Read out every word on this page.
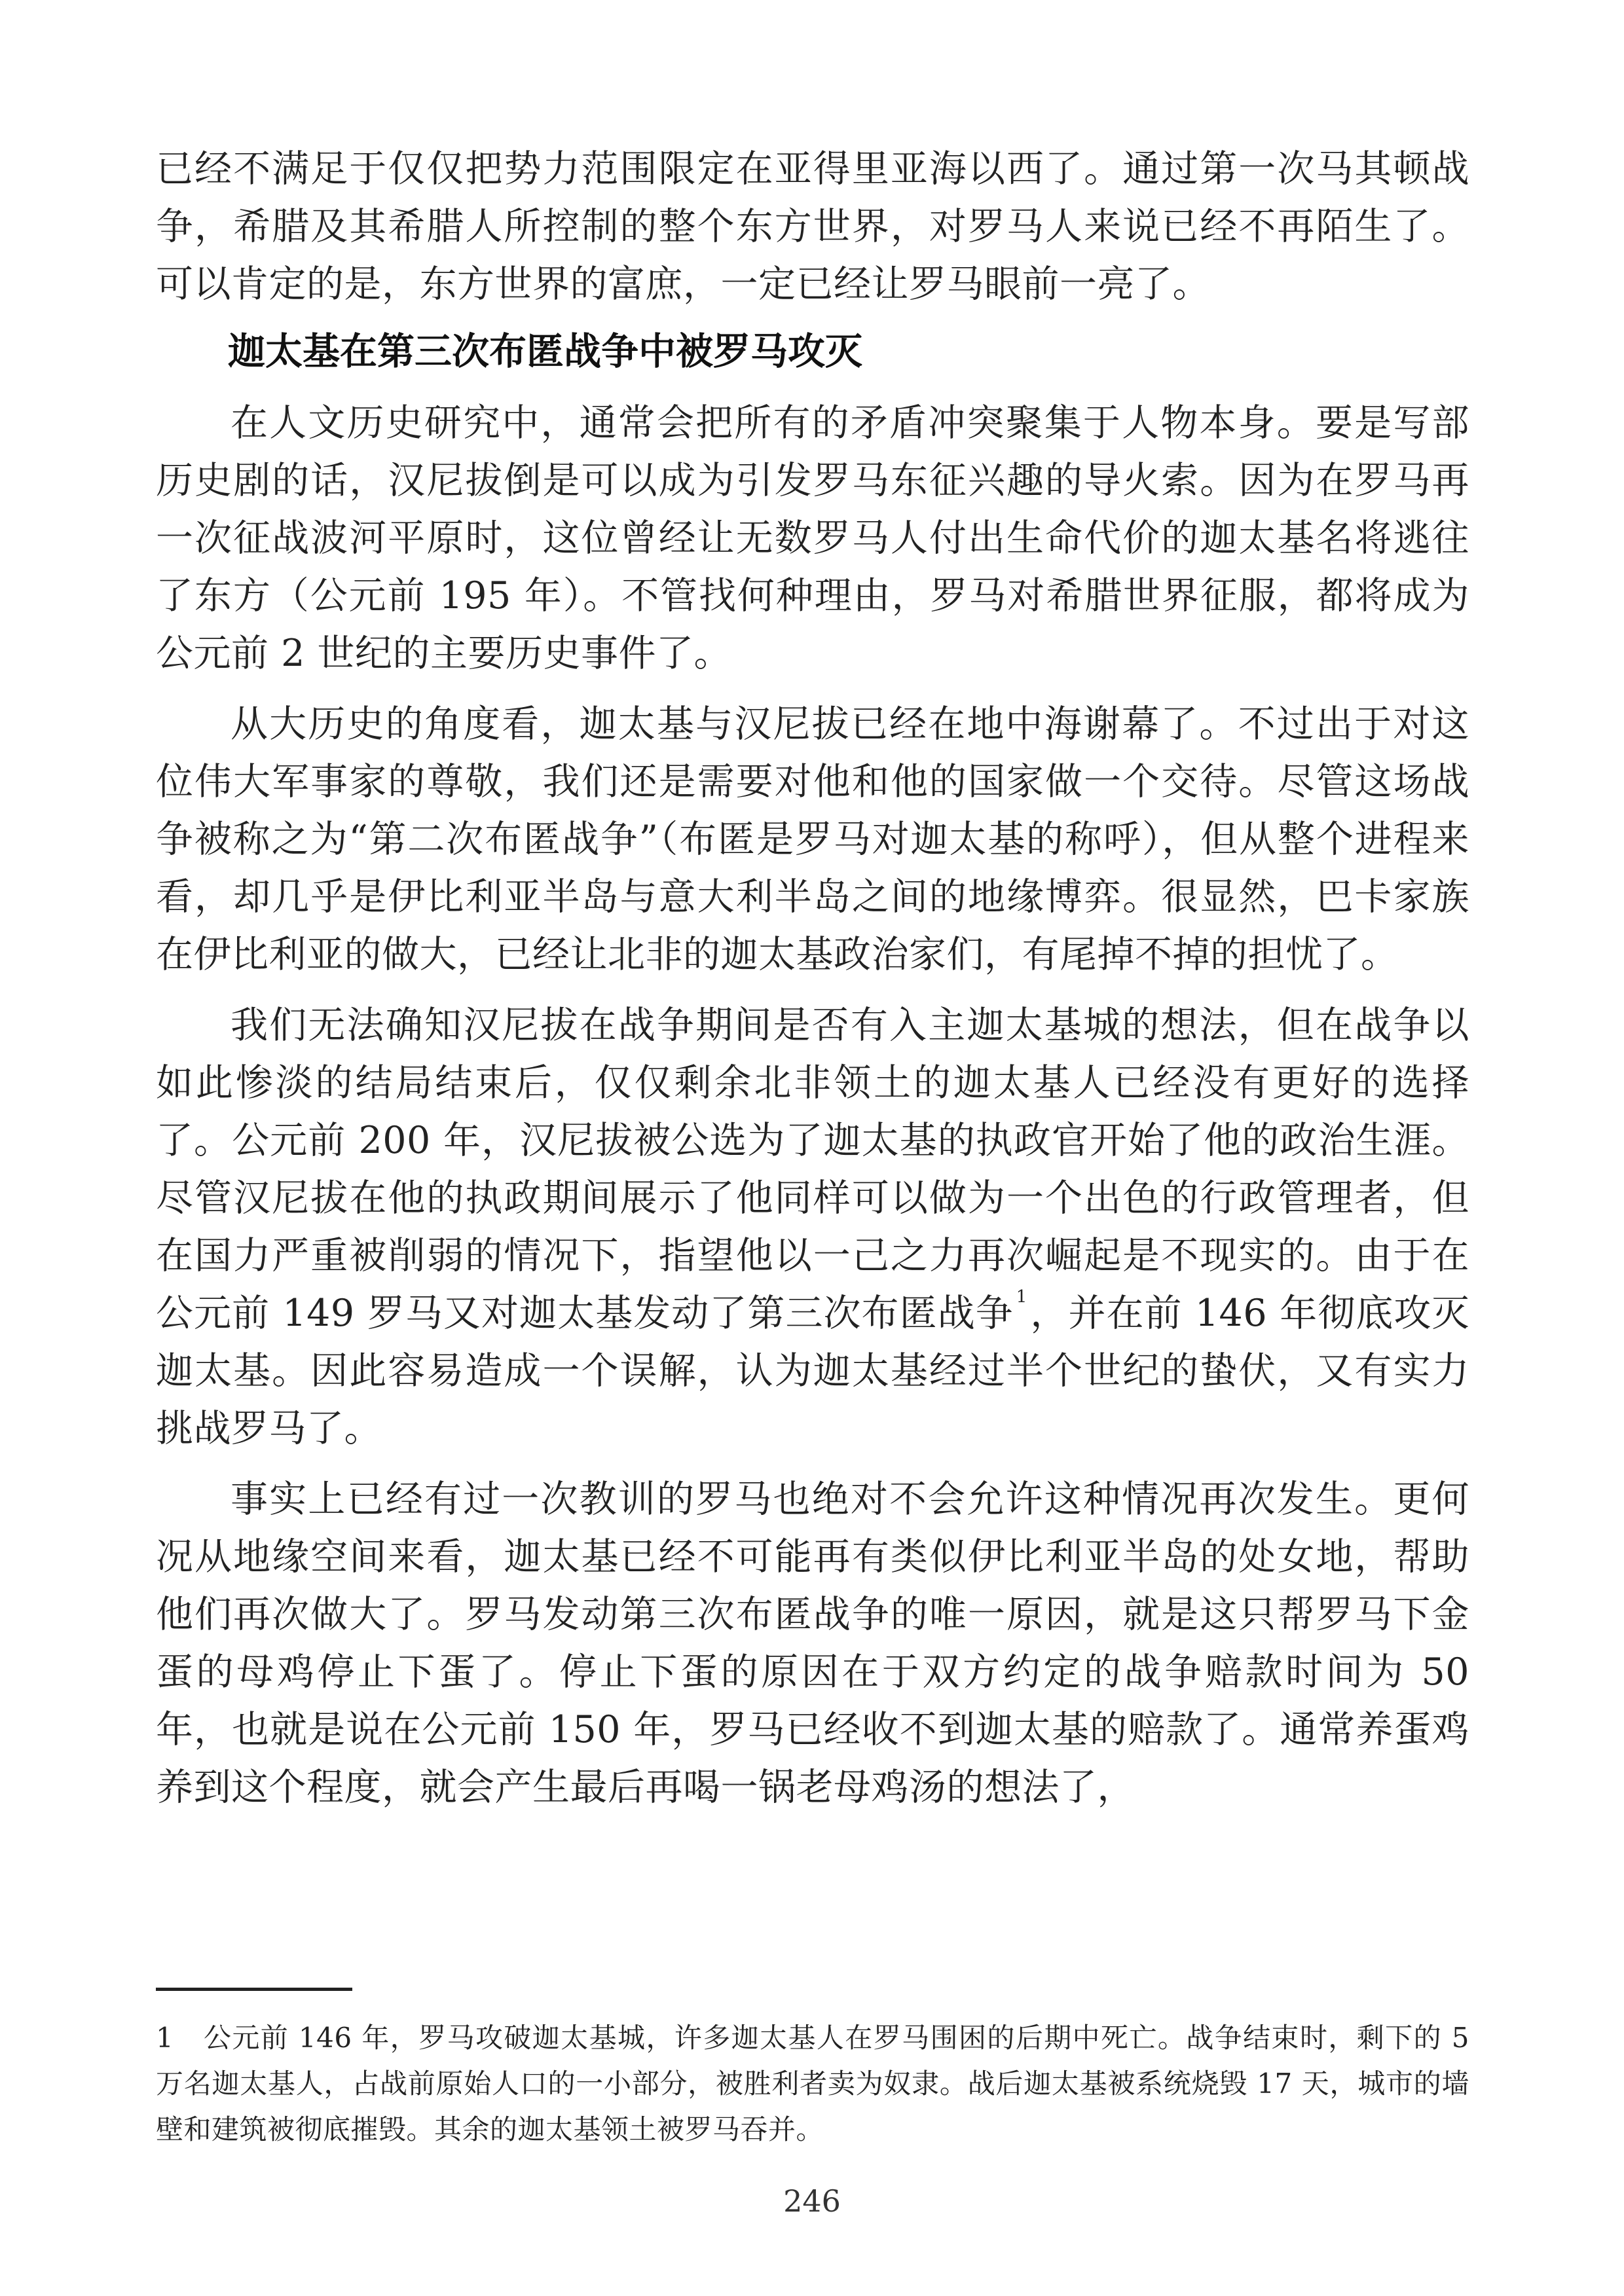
已经不满足于仅仅把势力范围限定在亚得里亚海以西了。通过第一次马其顿战争，希腊及其希腊人所控制的整个东方世界，对罗马人来说已经不再陌生了。可以肯定的是，东方世界的富庶，一定已经让罗马眼前一亮了。

迦太基在第三次布匿战争中被罗马攻灭

在人文历史研究中，通常会把所有的矛盾冲突聚集于人物本身。要是写部历史剧的话，汉尼拔倒是可以成为引发罗马东征兴趣的导火索。因为在罗马再一次征战波河平原时，这位曾经让无数罗马人付出生命代价的迦太基名将逃往了东方（公元前 195 年）。不管找何种理由，罗马对希腊世界征服，都将成为公元前 2 世纪的主要历史事件了。

从大历史的角度看，迦太基与汉尼拔已经在地中海谢幕了。不过出于对这位伟大军事家的尊敬，我们还是需要对他和他的国家做一个交待。尽管这场战争被称之为“第二次布匿战争”（布匿是罗马对迦太基的称呼），但从整个进程来看，却几乎是伊比利亚半岛与意大利半岛之间的地缘博弈。很显然，巴卡家族在伊比利亚的做大，已经让北非的迦太基政治家们，有尾掉不掉的担忧了。

我们无法确知汉尼拔在战争期间是否有入主迦太基城的想法，但在战争以如此惨淡的结局结束后，仅仅剩余北非领土的迦太基人已经没有更好的选择了。公元前 200 年，汉尼拔被公选为了迦太基的执政官开始了他的政治生涯。尽管汉尼拔在他的执政期间展示了他同样可以做为一个出色的行政管理者，但在国力严重被削弱的情况下，指望他以一己之力再次崛起是不现实的。由于在公元前 149 罗马又对迦太基发动了第三次布匿战争 $^1$，并在前 146 年彻底攻灭迦太基。因此容易造成一个误解，认为迦太基经过半个世纪的蛰伏，又有实力挑战罗马了。

事实上已经有过一次教训的罗马也绝对不会允许这种情况再次发生。更何况从地缘空间来看，迦太基已经不可能再有类似伊比利亚半岛的处女地，帮助他们再次做大了。罗马发动第三次布匿战争的唯一原因，就是这只帮罗马下金蛋的母鸡停止下蛋了。停止下蛋的原因在于双方约定的战争赔款时间为 50 年，也就是说在公元前 150 年，罗马已经收不到迦太基的赔款了。通常养蛋鸡养到这个程度，就会产生最后再喝一锅老母鸡汤的想法了，

1 公元前 146 年，罗马攻破迦太基城，许多迦太基人在罗马围困的后期中死亡。战争结束时，剩下的 5 万名迦太基人，占战前原始人口的一小部分，被胜利者卖为奴隶。战后迦太基被系统烧毁 17 天，城市的墙壁和建筑被彻底摧毁。其余的迦太基领土被罗马吞并。

246
